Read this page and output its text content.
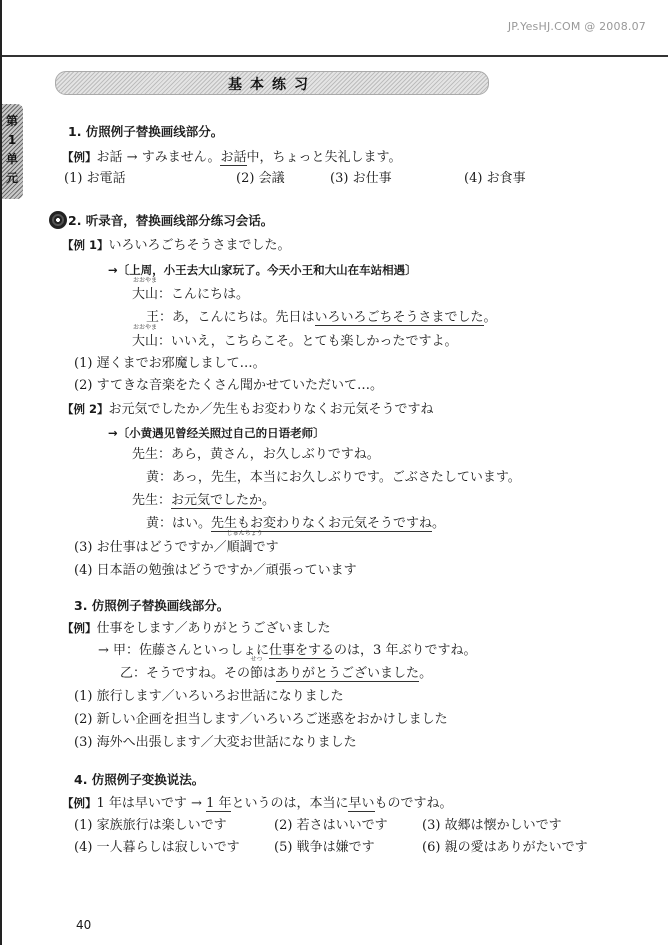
JP.YesHJ.COM @ 2008.07
基本练习
第1单元
1. 仿照例子替换画线部分。
【例】お話 → すみません。お話中，ちょっと失礼します。
(1) お電話	(2) 会議	(3) お仕事	(4) お食事
2. 听录音，替换画线部分练习会话。
【例 1】いろいろごちそうさまでした。
→〔上周，小王去大山家玩了。今天小王和大山在车站相遇〕
おおやま
大山：こんにちは。
王：あ，こんにちは。先日はいろいろごちそうさまでした。
おおやま
大山：いいえ，こちらこそ。とても楽しかったですよ。
(1) 遅くまでお邪魔しまして…。
(2) すてきな音楽をたくさん聞かせていただいて…。
【例 2】お元気でしたか／先生もお変わりなくお元気そうですね
→〔小黄遇见曾经关照过自己的日语老师〕
先生：あら，黄さん，お久しぶりですね。
黄：あっ，先生，本当にお久しぶりです。ごぶさたしています。
先生：お元気でしたか。
黄：はい。先生もお変わりなくお元気そうですね。
(3) お仕事はどうですか／
じゅんちょう
順調です
(4) 日本語の勉強はどうですか／頑張っています
3. 仿照例子替换画线部分。
【例】仕事をします／ありがとうございました
→ 甲：佐藤さんといっしょに仕事をするのは，3 年ぶりですね。
乙：そうですね。その
せつ
節はありがとうございました。
(1) 旅行します／いろいろお世話になりました
(2) 新しい企画を担当します／いろいろご迷惑をおかけしました
(3) 海外へ出張します／大変お世話になりました
4. 仿照例子变换说法。
【例】1 年は早いです → 1 年というのは，本当に早いものですね。
(1) 家族旅行は楽しいです	(2) 若さはいいです	(3) 故郷は懐かしいです
(4) 一人暮らしは寂しいです	(5) 戦争は嫌です	(6) 親の愛はありがたいです
40
